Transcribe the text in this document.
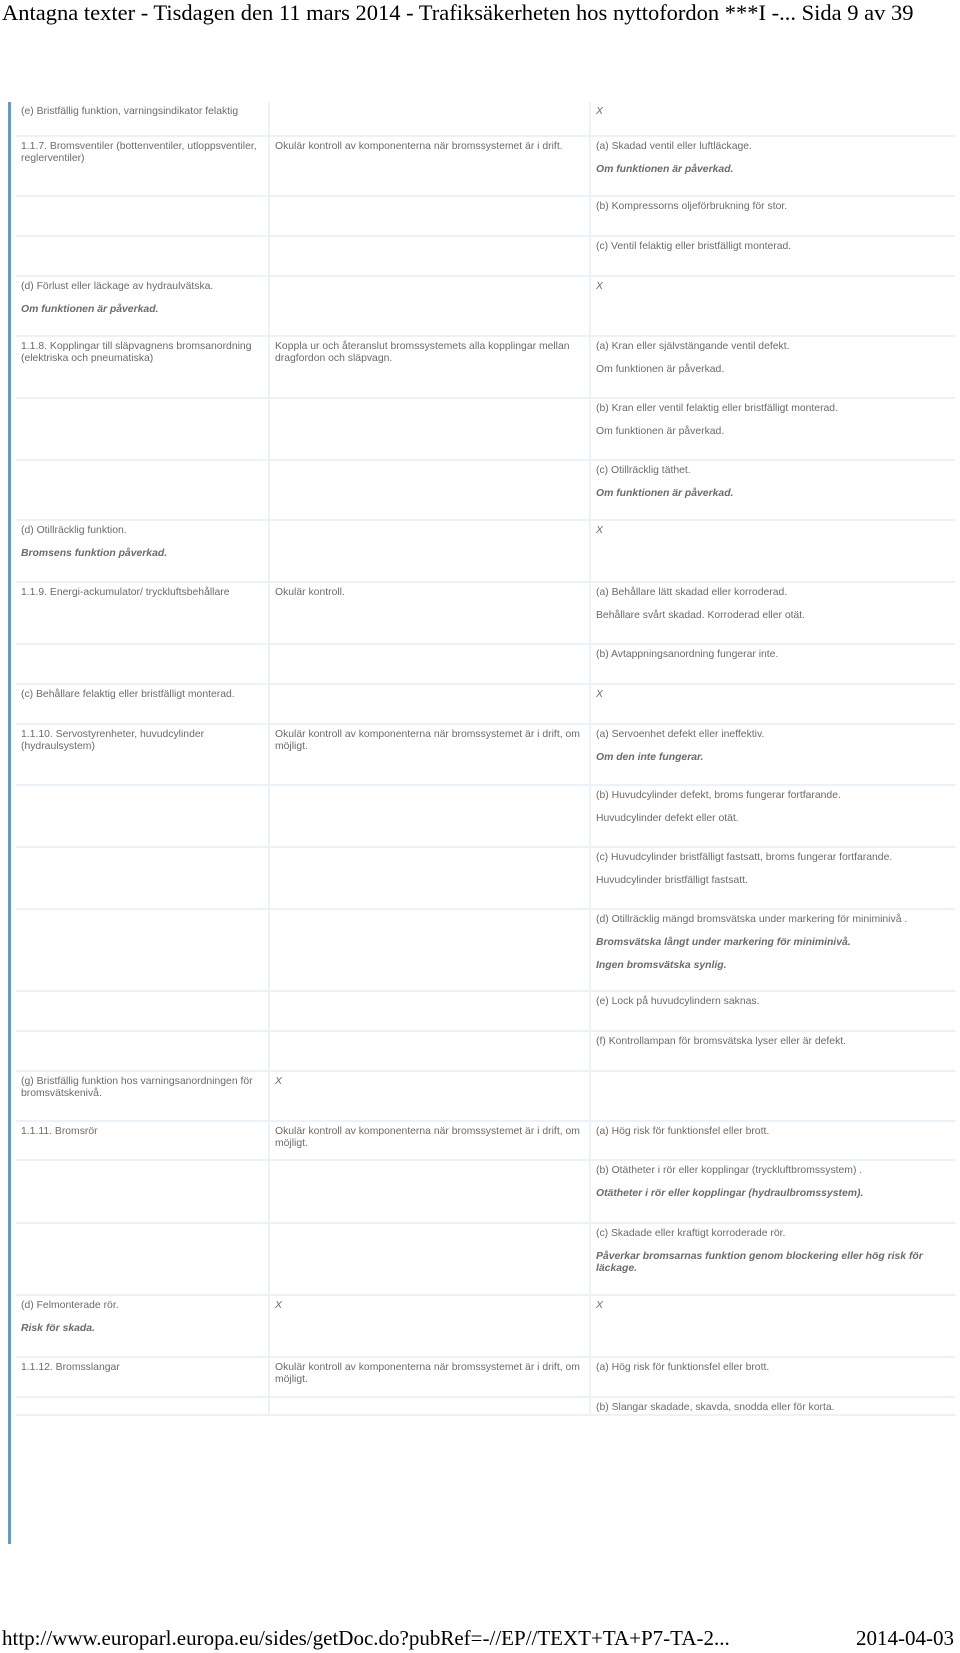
Antagna texter - Tisdagen den 11 mars 2014 - Trafiksäkerheten hos nyttofordon ***I -... Sida 9 av 39
(e) Bristfällig funktion, varningsindikator felaktig		X

1.1.7. Bromsventiler (bottenventiler, utloppsventiler, reglerventiler)	Okulär kontroll av komponenterna när bromssystemet är i drift.	(a) Skadad ventil eller luftläckage.
Om funktionen är påverkad.

		(b) Kompressorns oljeförbrukning för stor.

		(c) Ventil felaktig eller bristfälligt monterad.

(d) Förlust eller läckage av hydraulvätska.
Om funktionen är påverkad.		X

1.1.8. Kopplingar till släpvagnens bromsanordning (elektriska och pneumatiska)	Koppla ur och återanslut bromssystemets alla kopplingar mellan dragfordon och släpvagn.	(a) Kran eller självstängande ventil defekt.
Om funktionen är påverkad.

		(b) Kran eller ventil felaktig eller bristfälligt monterad.
Om funktionen är påverkad.

		(c) Otillräcklig täthet.
Om funktionen är påverkad.

(d) Otillräcklig funktion.
Bromsens funktion påverkad.		X

1.1.9. Energi-ackumulator/ tryckluftsbehållare	Okulär kontroll.	(a) Behållare lätt skadad eller korroderad.
Behållare svårt skadad. Korroderad eller otät.

		(b) Avtappningsanordning fungerar inte.

(c) Behållare felaktig eller bristfälligt monterad.		X

1.1.10. Servostyrenheter, huvudcylinder (hydraulsystem)	Okulär kontroll av komponenterna när bromssystemet är i drift, om möjligt.	(a) Servoenhet defekt eller ineffektiv.
Om den inte fungerar.

		(b) Huvudcylinder defekt, broms fungerar fortfarande.
Huvudcylinder defekt eller otät.

		(c) Huvudcylinder bristfälligt fastsatt, broms fungerar fortfarande.
Huvudcylinder bristfälligt fastsatt.

		(d) Otillräcklig mängd bromsvätska under markering för miniminivå .
Bromsvätska långt under markering för miniminivå.
Ingen bromsvätska synlig.

		(e) Lock på huvudcylindern saknas.

		(f) Kontrollampan för bromsvätska lyser eller är defekt.

(g) Bristfällig funktion hos varningsanordningen för bromsvätskenivå.	X	

1.1.11. Bromsrör	Okulär kontroll av komponenterna när bromssystemet är i drift, om möjligt.	(a) Hög risk för funktionsfel eller brott.

		(b) Otätheter i rör eller kopplingar (tryckluftbromssystem) .
Otätheter i rör eller kopplingar (hydraulbromssystem).

		(c) Skadade eller kraftigt korroderade rör.
Påverkar bromsarnas funktion genom blockering eller hög risk för läckage.

(d) Felmonterade rör.
Risk för skada.	X	X

1.1.12. Bromsslangar	Okulär kontroll av komponenterna när bromssystemet är i drift, om möjligt.	(a) Hög risk för funktionsfel eller brott.

		(b) Slangar skadade, skavda, snodda eller för korta.
http://www.europarl.europa.eu/sides/getDoc.do?pubRef=-//EP//TEXT+TA+P7-TA-2...	2014-04-03
